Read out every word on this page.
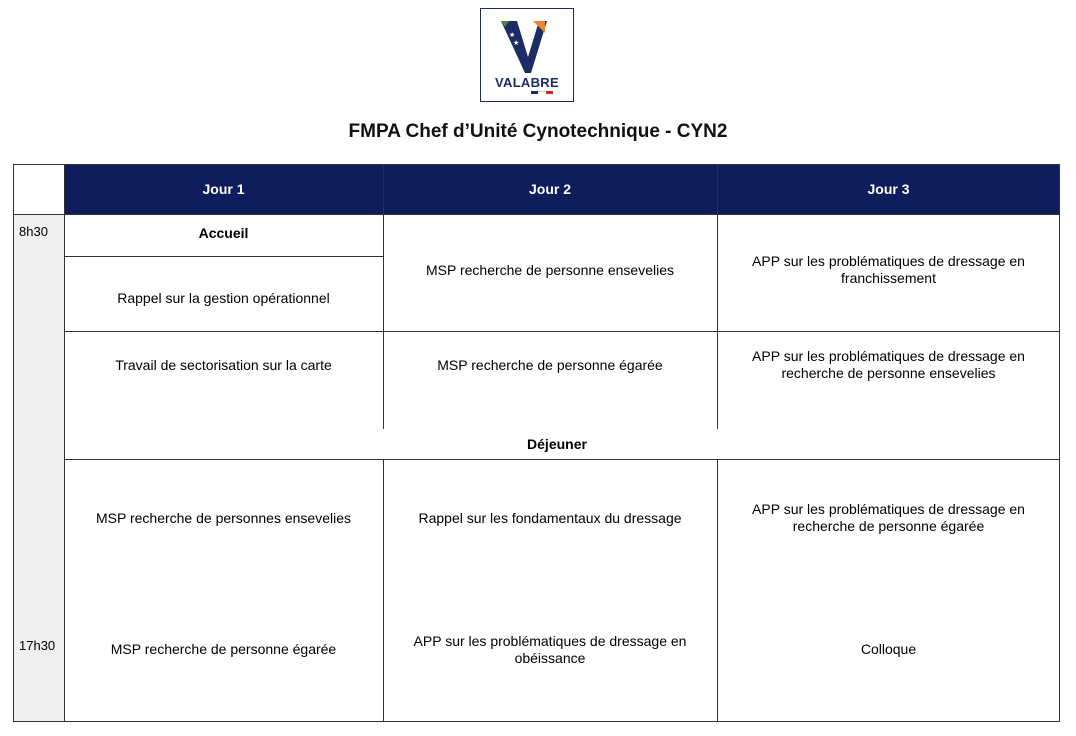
★
★
VALABRE
FMPA Chef d’Unité Cynotechnique - CYN2
Jour 1	Jour 2	Jour 3
8h30
17h30
Accueil
Rappel sur la gestion opérationnel
Travail de sectorisation sur la carte
MSP recherche de personnes ensevelies
MSP recherche de personne égarée
MSP recherche de personne ensevelies
MSP recherche de personne égarée
Rappel sur les fondamentaux du dressage
APP sur les problématiques de dressage en obéissance
APP sur les problématiques de dressage en franchissement
APP sur les problématiques de dressage en recherche de personne ensevelies
APP sur les problématiques de dressage en recherche de personne égarée
Colloque
Déjeuner
